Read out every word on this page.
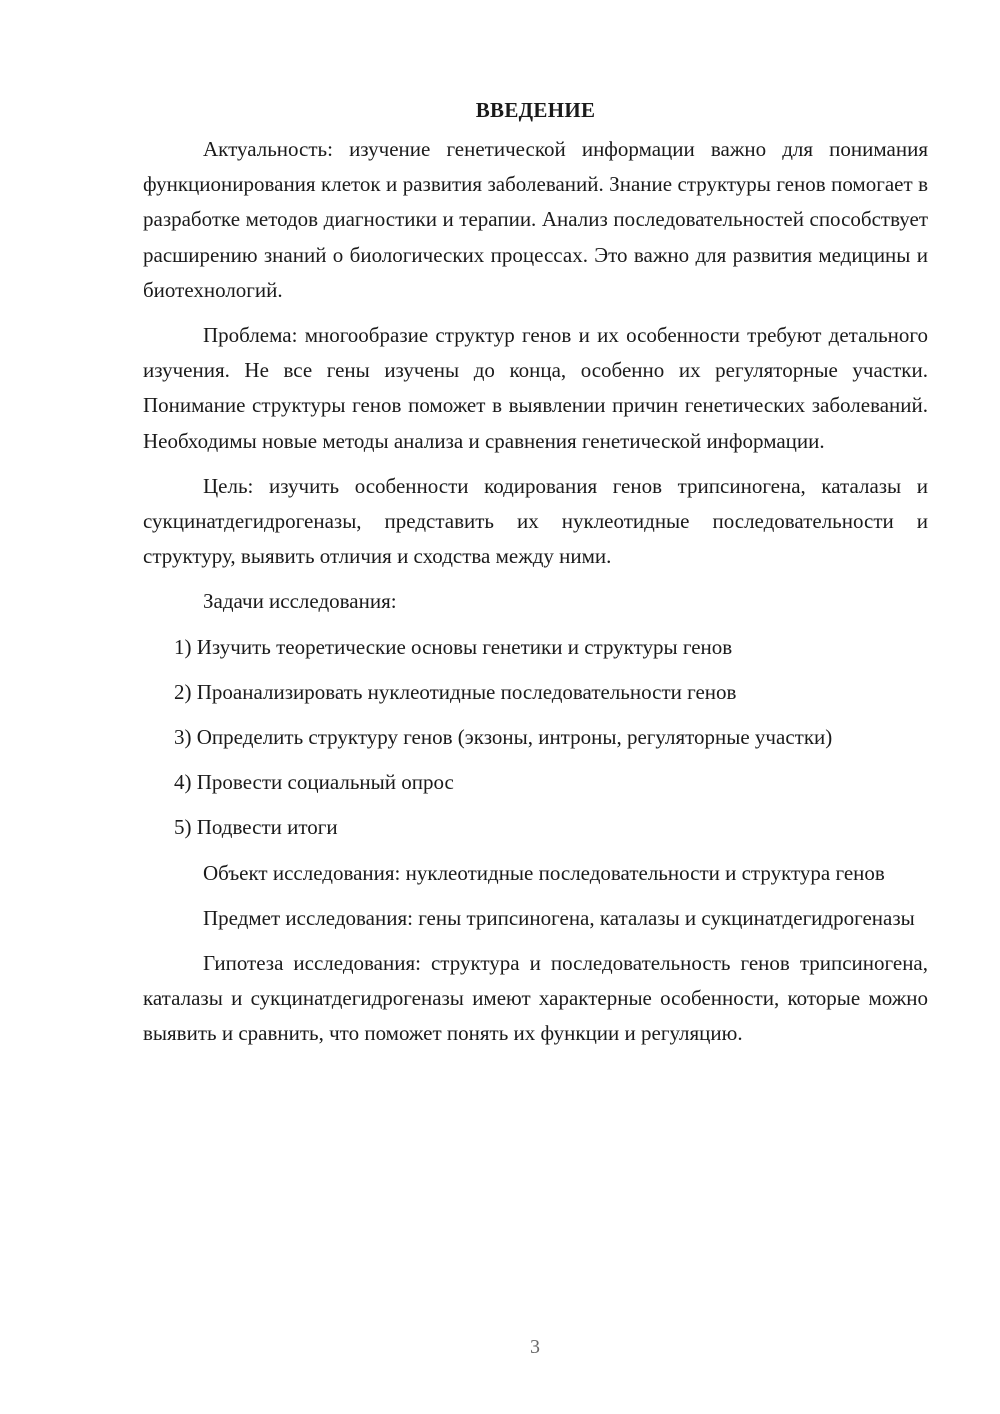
ВВЕДЕНИЕ

Актуальность: изучение генетической информации важно для понимания функционирования клеток и развития заболеваний. Знание структуры генов помогает в разработке методов диагностики и терапии. Анализ последовательностей способствует расширению знаний о биологических процессах. Это важно для развития медицины и биотехнологий.

Проблема: многообразие структур генов и их особенности требуют детального изучения. Не все гены изучены до конца, особенно их регуляторные участки. Понимание структуры генов поможет в выявлении причин генетических заболеваний. Необходимы новые методы анализа и сравнения генетической информации.

Цель: изучить особенности кодирования генов трипсиногена, каталазы и сукцинатдегидрогеназы, представить их нуклеотидные последовательности и структуру, выявить отличия и сходства между ними.

Задачи исследования:

1) Изучить теоретические основы генетики и структуры генов

2) Проанализировать нуклеотидные последовательности генов

3) Определить структуру генов (экзоны, интроны, регуляторные участки)

4) Провести социальный опрос

5) Подвести итоги

Объект исследования: нуклеотидные последовательности и структура генов

Предмет исследования: гены трипсиногена, каталазы и сукцинатдегидрогеназы

Гипотеза исследования: структура и последовательность генов трипсиногена, каталазы и сукцинатдегидрогеназы имеют характерные особенности, которые можно выявить и сравнить, что поможет понять их функции и регуляцию.

3
